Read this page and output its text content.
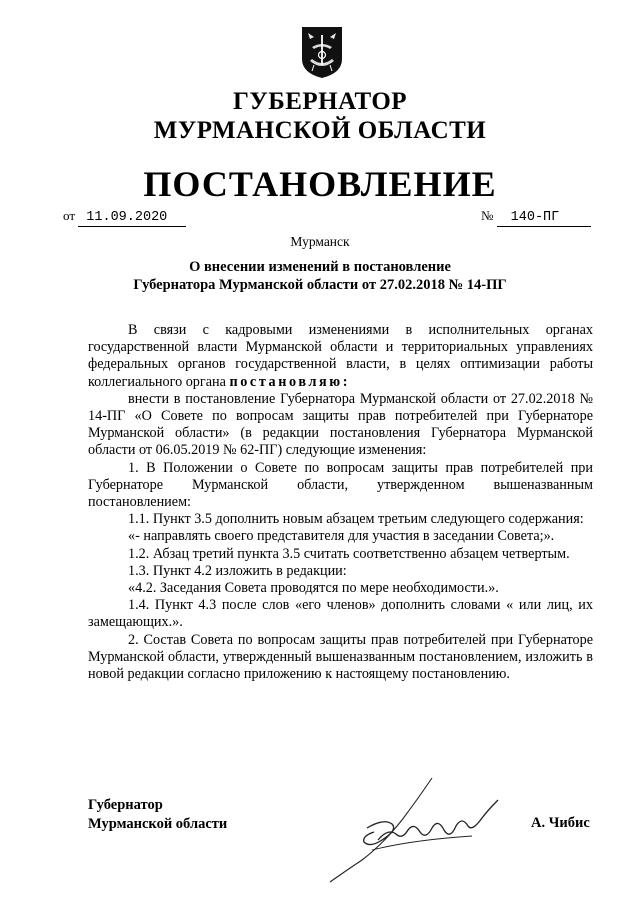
ГУБЕРНАТОР
МУРМАНСКОЙ ОБЛАСТИ
ПОСТАНОВЛЕНИЕ
от 11.09.2020	№ 140-ПГ
Мурманск
О внесении изменений в постановление
Губернатора Мурманской области от 27.02.2018 № 14-ПГ

В связи с кадровыми изменениями в исполнительных органах государственной власти Мурманской области и территориальных управлениях федеральных органов государственной власти, в целях оптимизации работы коллегиального органа постановляю:

внести в постановление Губернатора Мурманской области от 27.02.2018 № 14-ПГ «О Совете по вопросам защиты прав потребителей при Губернаторе Мурманской области» (в редакции постановления Губернатора Мурманской области от 06.05.2019 № 62-ПГ) следующие изменения:

1. В Положении о Совете по вопросам защиты прав потребителей при Губернаторе Мурманской области, утвержденном вышеназванным постановлением:

1.1. Пункт 3.5 дополнить новым абзацем третьим следующего содержания:

«- направлять своего представителя для участия в заседании Совета;».

1.2. Абзац третий пункта 3.5 считать соответственно абзацем четвертым.

1.3. Пункт 4.2 изложить в редакции:

«4.2. Заседания Совета проводятся по мере необходимости.».

1.4. Пункт 4.3 после слов «его членов» дополнить словами « или лиц, их замещающих.».

2. Состав Совета по вопросам защиты прав потребителей при Губернаторе Мурманской области, утвержденный вышеназванным постановлением, изложить в новой редакции согласно приложению к настоящему постановлению.

Губернатор
Мурманской области	А. Чибис
